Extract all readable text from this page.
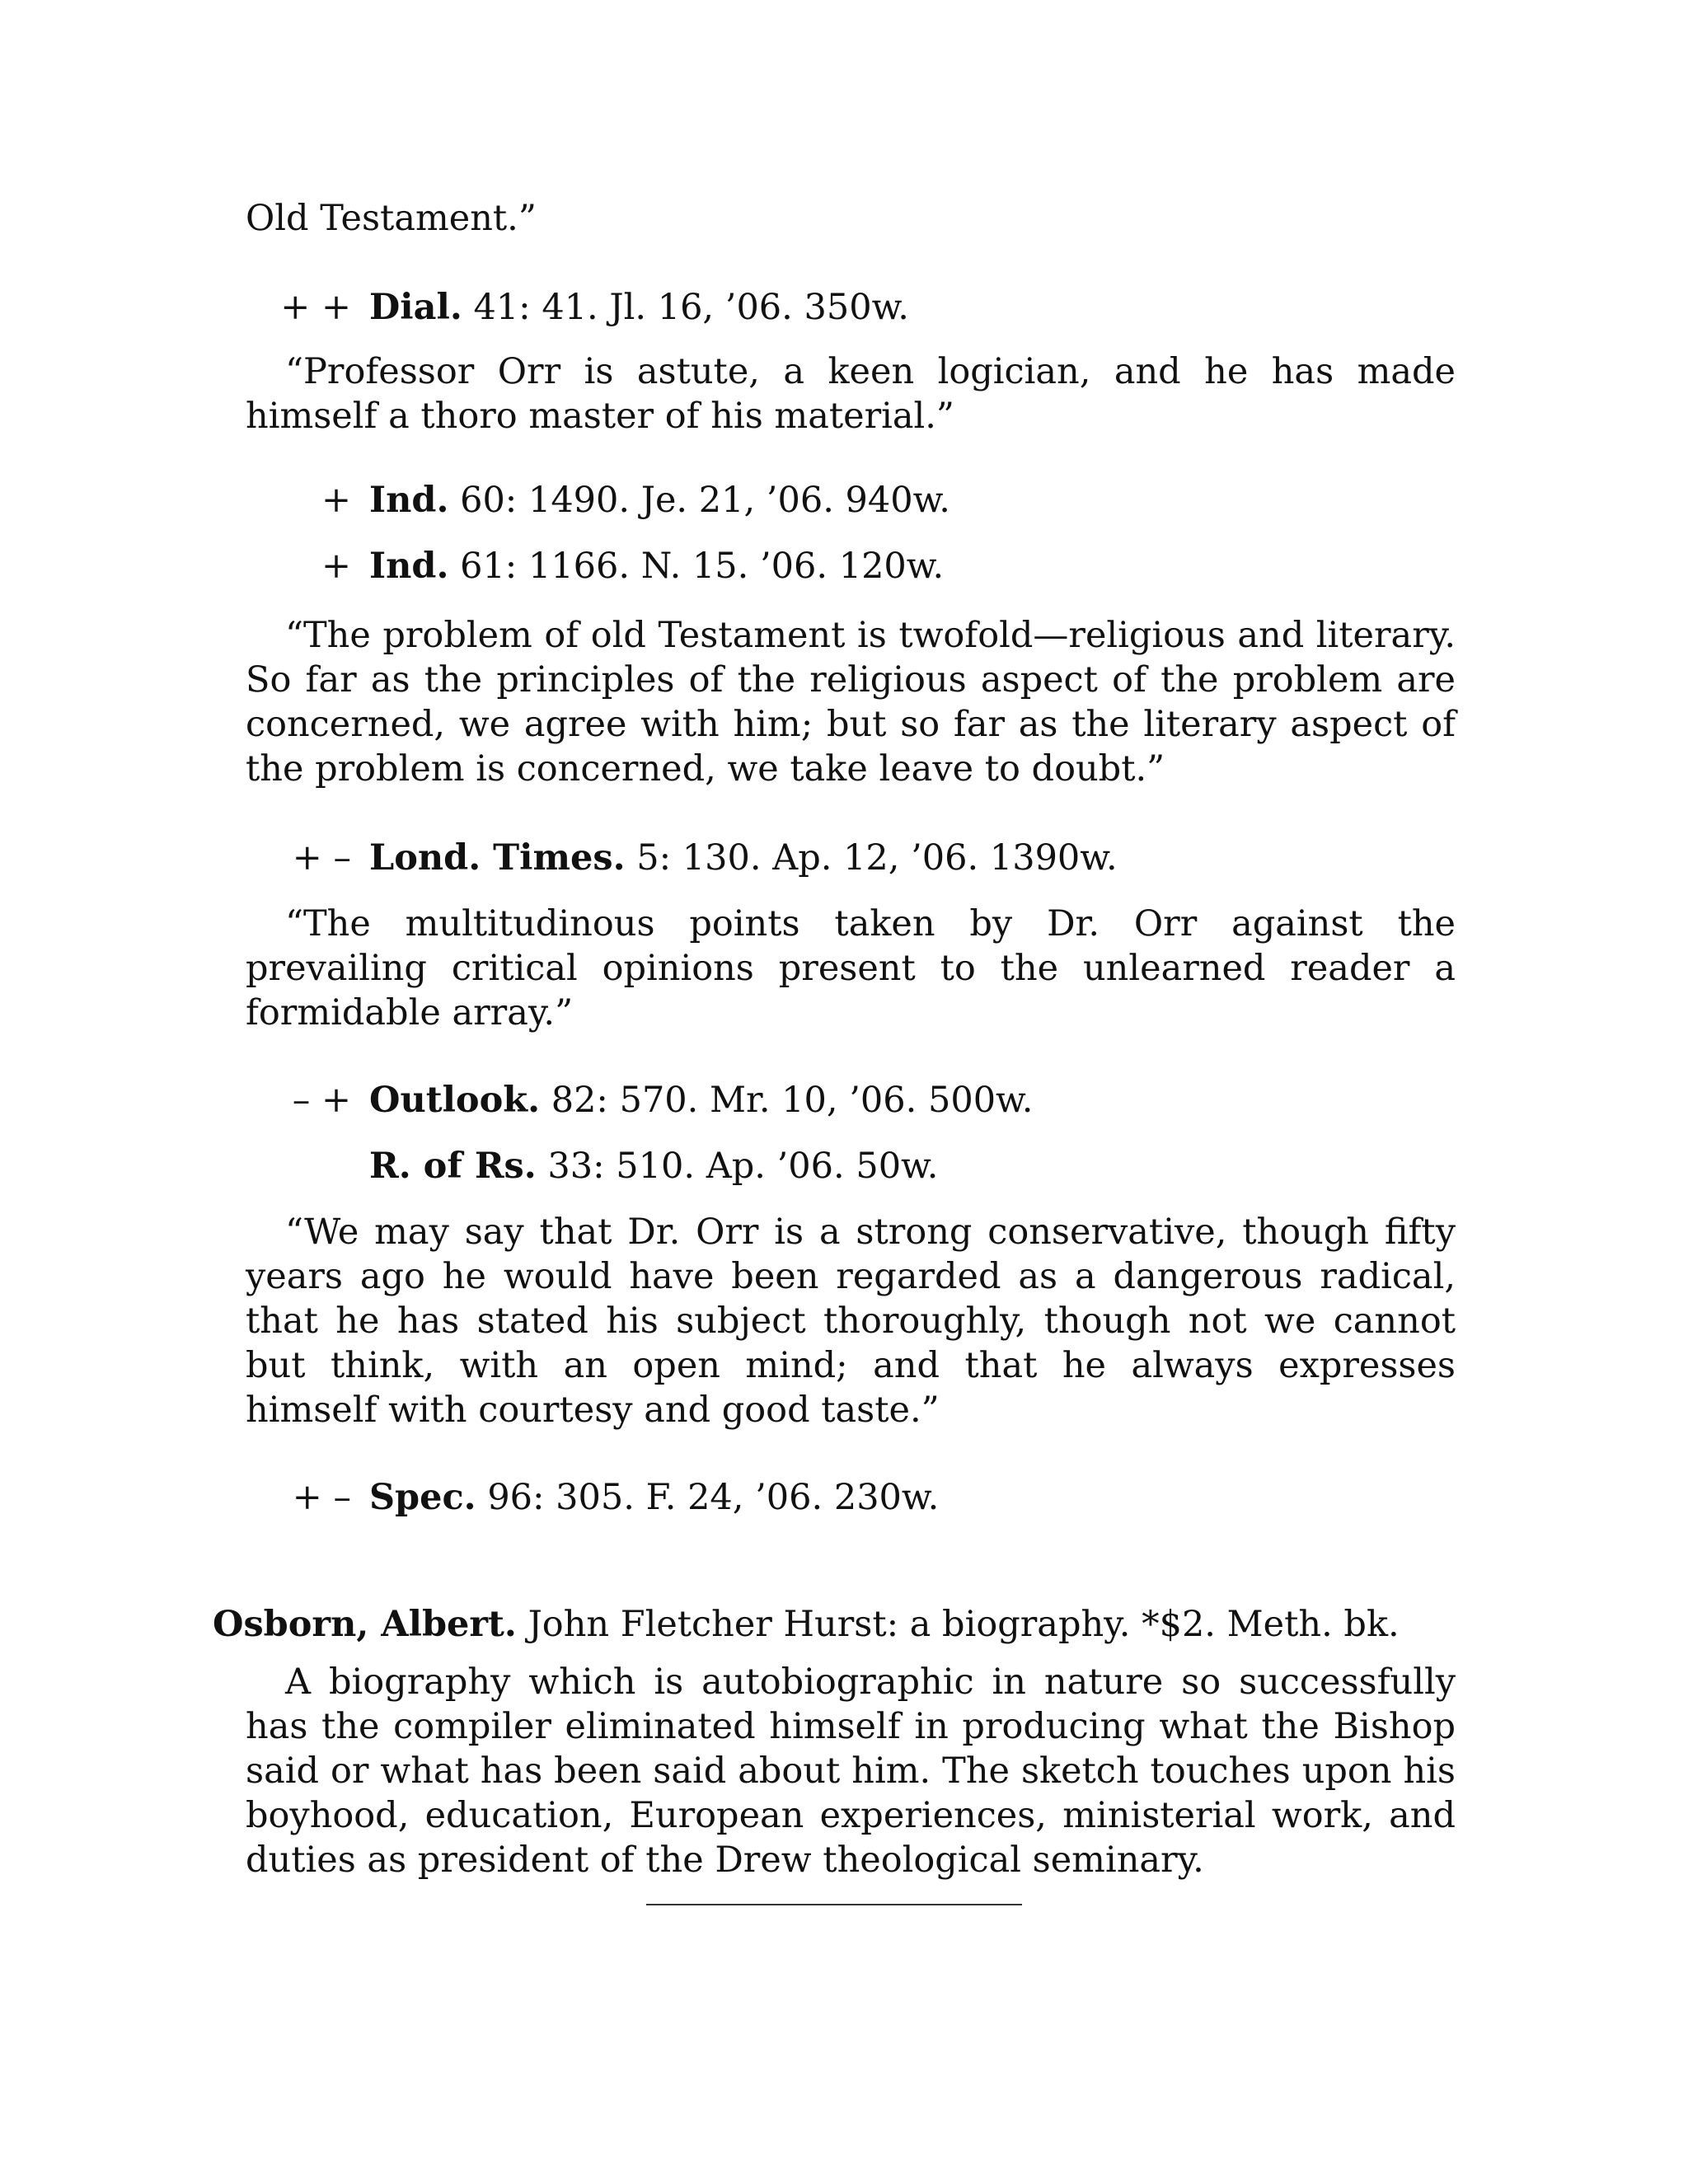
Old Testament.”

+ + Dial. 41: 41. Jl. 16, ’06. 350w.

“Professor Orr is astute, a keen logician, and he has made himself a thoro master of his material.”

+ Ind. 60: 1490. Je. 21, ’06. 940w.
+ Ind. 61: 1166. N. 15. ’06. 120w.

“The problem of old Testament is twofold—religious and literary. So far as the principles of the religious aspect of the problem are concerned, we agree with him; but so far as the literary aspect of the problem is concerned, we take leave to doubt.”

+ – Lond. Times. 5: 130. Ap. 12, ’06. 1390w.

“The multitudinous points taken by Dr. Orr against the prevailing critical opinions present to the unlearned reader a formidable array.”

– + Outlook. 82: 570. Mr. 10, ’06. 500w.
R. of Rs. 33: 510. Ap. ’06. 50w.

“We may say that Dr. Orr is a strong conservative, though fifty years ago he would have been regarded as a dangerous radical, that he has stated his subject thoroughly, though not we cannot but think, with an open mind; and that he always expresses himself with courtesy and good taste.”

+ – Spec. 96: 305. F. 24, ’06. 230w.
Osborn, Albert. John Fletcher Hurst: a biography. *$2. Meth. bk.

A biography which is autobiographic in nature so successfully has the compiler eliminated himself in producing what the Bishop said or what has been said about him. The sketch touches upon his boyhood, education, European experiences, ministerial work, and duties as president of the Drew theological seminary.
